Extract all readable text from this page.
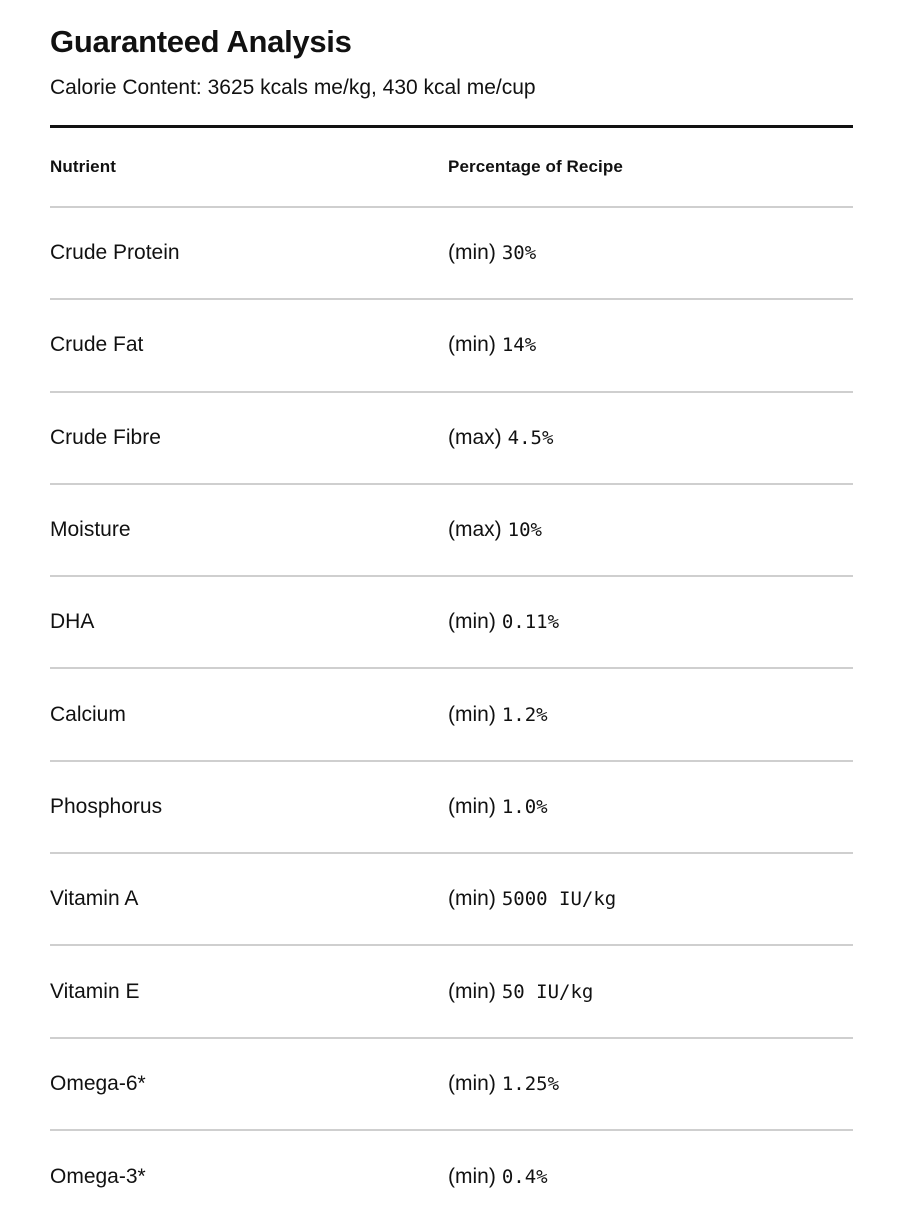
Guaranteed Analysis

Calorie Content: 3625 kcals me/kg, 430 kcal me/cup

Nutrient	Percentage of Recipe
Crude Protein	(min) 30%
Crude Fat	(min) 14%
Crude Fibre	(max) 4.5%
Moisture	(max) 10%
DHA	(min) 0.11%
Calcium	(min) 1.2%
Phosphorus	(min) 1.0%
Vitamin A	(min) 5000 IU/kg
Vitamin E	(min) 50 IU/kg
Omega-6*	(min) 1.25%
Omega-3*	(min) 0.4%
